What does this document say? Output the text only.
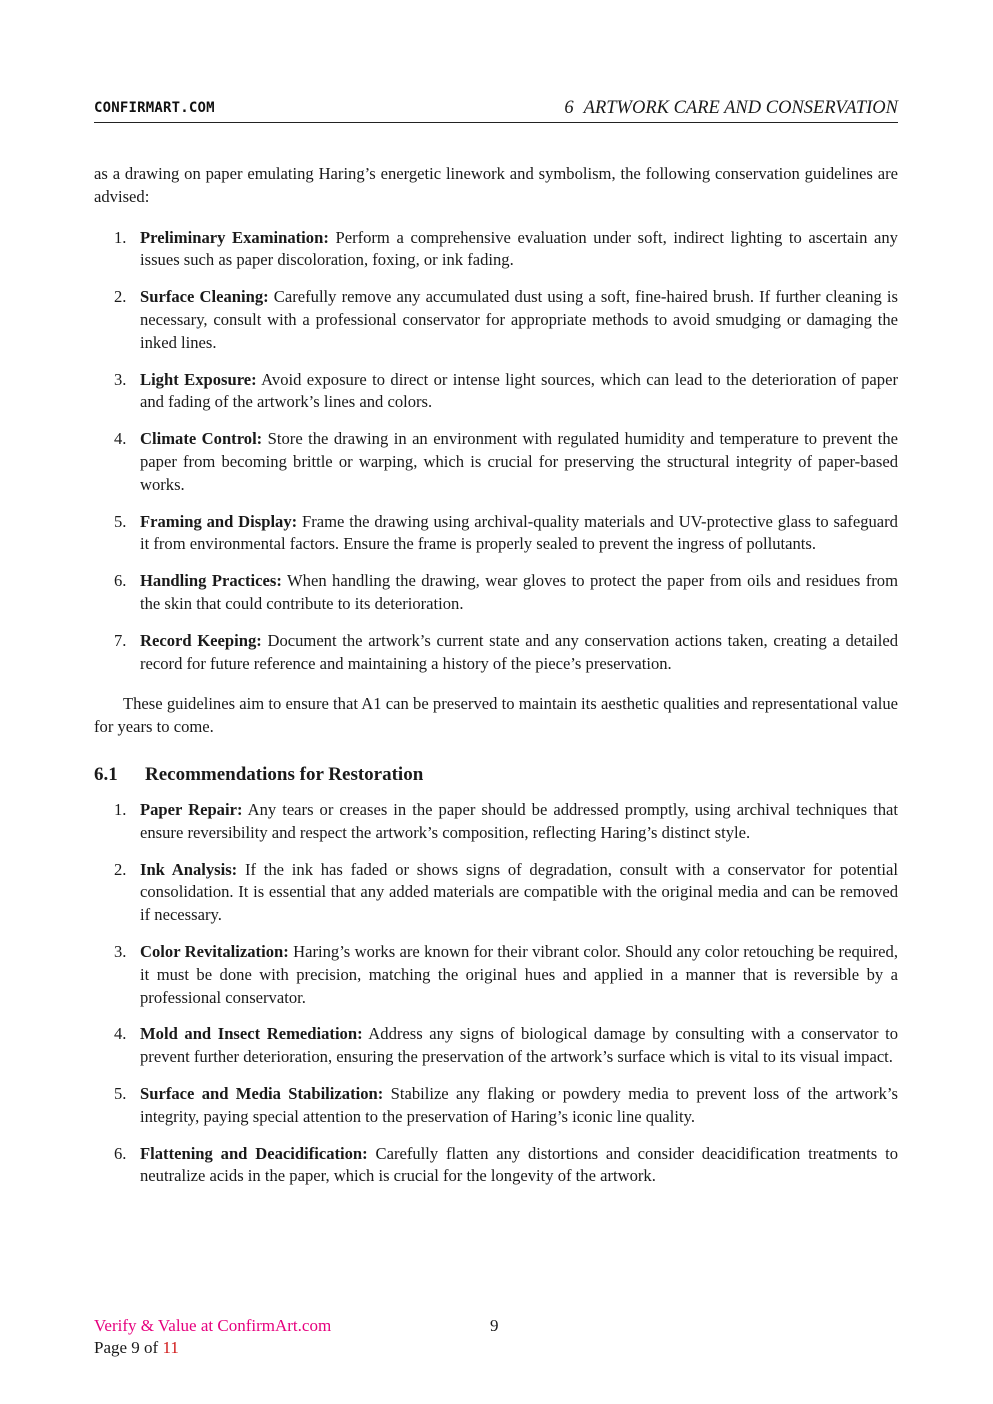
CONFIRMART.COM	6 ARTWORK CARE AND CONSERVATION

as a drawing on paper emulating Haring’s energetic linework and symbolism, the following conservation guidelines are advised:

1. Preliminary Examination: Perform a comprehensive evaluation under soft, indirect lighting to ascertain any issues such as paper discoloration, foxing, or ink fading.
2. Surface Cleaning: Carefully remove any accumulated dust using a soft, fine-haired brush. If further cleaning is necessary, consult with a professional conservator for appropriate methods to avoid smudging or damaging the inked lines.
3. Light Exposure: Avoid exposure to direct or intense light sources, which can lead to the deterioration of paper and fading of the artwork’s lines and colors.
4. Climate Control: Store the drawing in an environment with regulated humidity and temperature to prevent the paper from becoming brittle or warping, which is crucial for preserving the structural integrity of paper-based works.
5. Framing and Display: Frame the drawing using archival-quality materials and UV-protective glass to safeguard it from environmental factors. Ensure the frame is properly sealed to prevent the ingress of pollutants.
6. Handling Practices: When handling the drawing, wear gloves to protect the paper from oils and residues from the skin that could contribute to its deterioration.
7. Record Keeping: Document the artwork’s current state and any conservation actions taken, creating a detailed record for future reference and maintaining a history of the piece’s preservation.

These guidelines aim to ensure that A1 can be preserved to maintain its aesthetic qualities and representational value for years to come.

6.1 Recommendations for Restoration
1. Paper Repair: Any tears or creases in the paper should be addressed promptly, using archival techniques that ensure reversibility and respect the artwork’s composition, reflecting Haring’s distinct style.
2. Ink Analysis: If the ink has faded or shows signs of degradation, consult with a conservator for potential consolidation. It is essential that any added materials are compatible with the original media and can be removed if necessary.
3. Color Revitalization: Haring’s works are known for their vibrant color. Should any color retouching be required, it must be done with precision, matching the original hues and applied in a manner that is reversible by a professional conservator.
4. Mold and Insect Remediation: Address any signs of biological damage by consulting with a conservator to prevent further deterioration, ensuring the preservation of the artwork’s surface which is vital to its visual impact.
5. Surface and Media Stabilization: Stabilize any flaking or powdery media to prevent loss of the artwork’s integrity, paying special attention to the preservation of Haring’s iconic line quality.
6. Flattening and Deacidification: Carefully flatten any distortions and consider deacidification treatments to neutralize acids in the paper, which is crucial for the longevity of the artwork.
Verify & Value at ConfirmArt.com	9
Page 9 of 11
